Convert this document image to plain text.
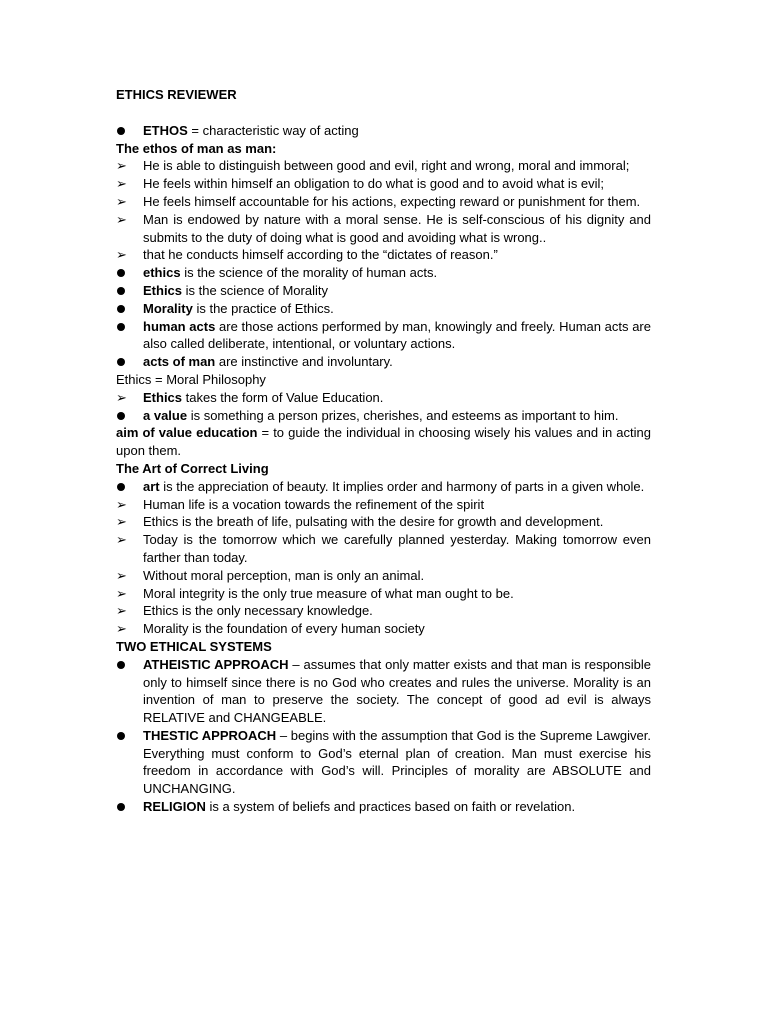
ETHICS REVIEWER
ETHOS = characteristic way of acting
The ethos of man as man:
➢	He is able to distinguish between good and evil, right and wrong, moral and immoral;
➢	He feels within himself an obligation to do what is good and to avoid what is evil;
➢	He feels himself accountable for his actions, expecting reward or punishment for them.
➢	Man is endowed by nature with a moral sense. He is self-conscious of his dignity and submits to the duty of doing what is good and avoiding what is wrong..
➢	that he conducts himself according to the “dictates of reason.”
ethics is the science of the morality of human acts.
Ethics is the science of Morality
Morality is the practice of Ethics.
human acts are those actions performed by man, knowingly and freely. Human acts are also called deliberate, intentional, or voluntary actions.
acts of man are instinctive and involuntary.
Ethics = Moral Philosophy
➢	Ethics takes the form of Value Education.
a value is something a person prizes, cherishes, and esteems as important to him.
aim of value education = to guide the individual in choosing wisely his values and in acting upon them.
The Art of Correct Living
art is the appreciation of beauty. It implies order and harmony of parts in a given whole.
➢	Human life is a vocation towards the refinement of the spirit
➢	Ethics is the breath of life, pulsating with the desire for growth and development.
➢	Today is the tomorrow which we carefully planned yesterday. Making tomorrow even farther than today.
➢	Without moral perception, man is only an animal.
➢	Moral integrity is the only true measure of what man ought to be.
➢	Ethics is the only necessary knowledge.
➢	Morality is the foundation of every human society
TWO ETHICAL SYSTEMS
ATHEISTIC APPROACH – assumes that only matter exists and that man is responsible only to himself since there is no God who creates and rules the universe. Morality is an invention of man to preserve the society. The concept of good ad evil is always RELATIVE and CHANGEABLE.
THESTIC APPROACH – begins with the assumption that God is the Supreme Lawgiver. Everything must conform to God’s eternal plan of creation. Man must exercise his freedom in accordance with God’s will. Principles of morality are ABSOLUTE and UNCHANGING.
RELIGION is a system of beliefs and practices based on faith or revelation.
